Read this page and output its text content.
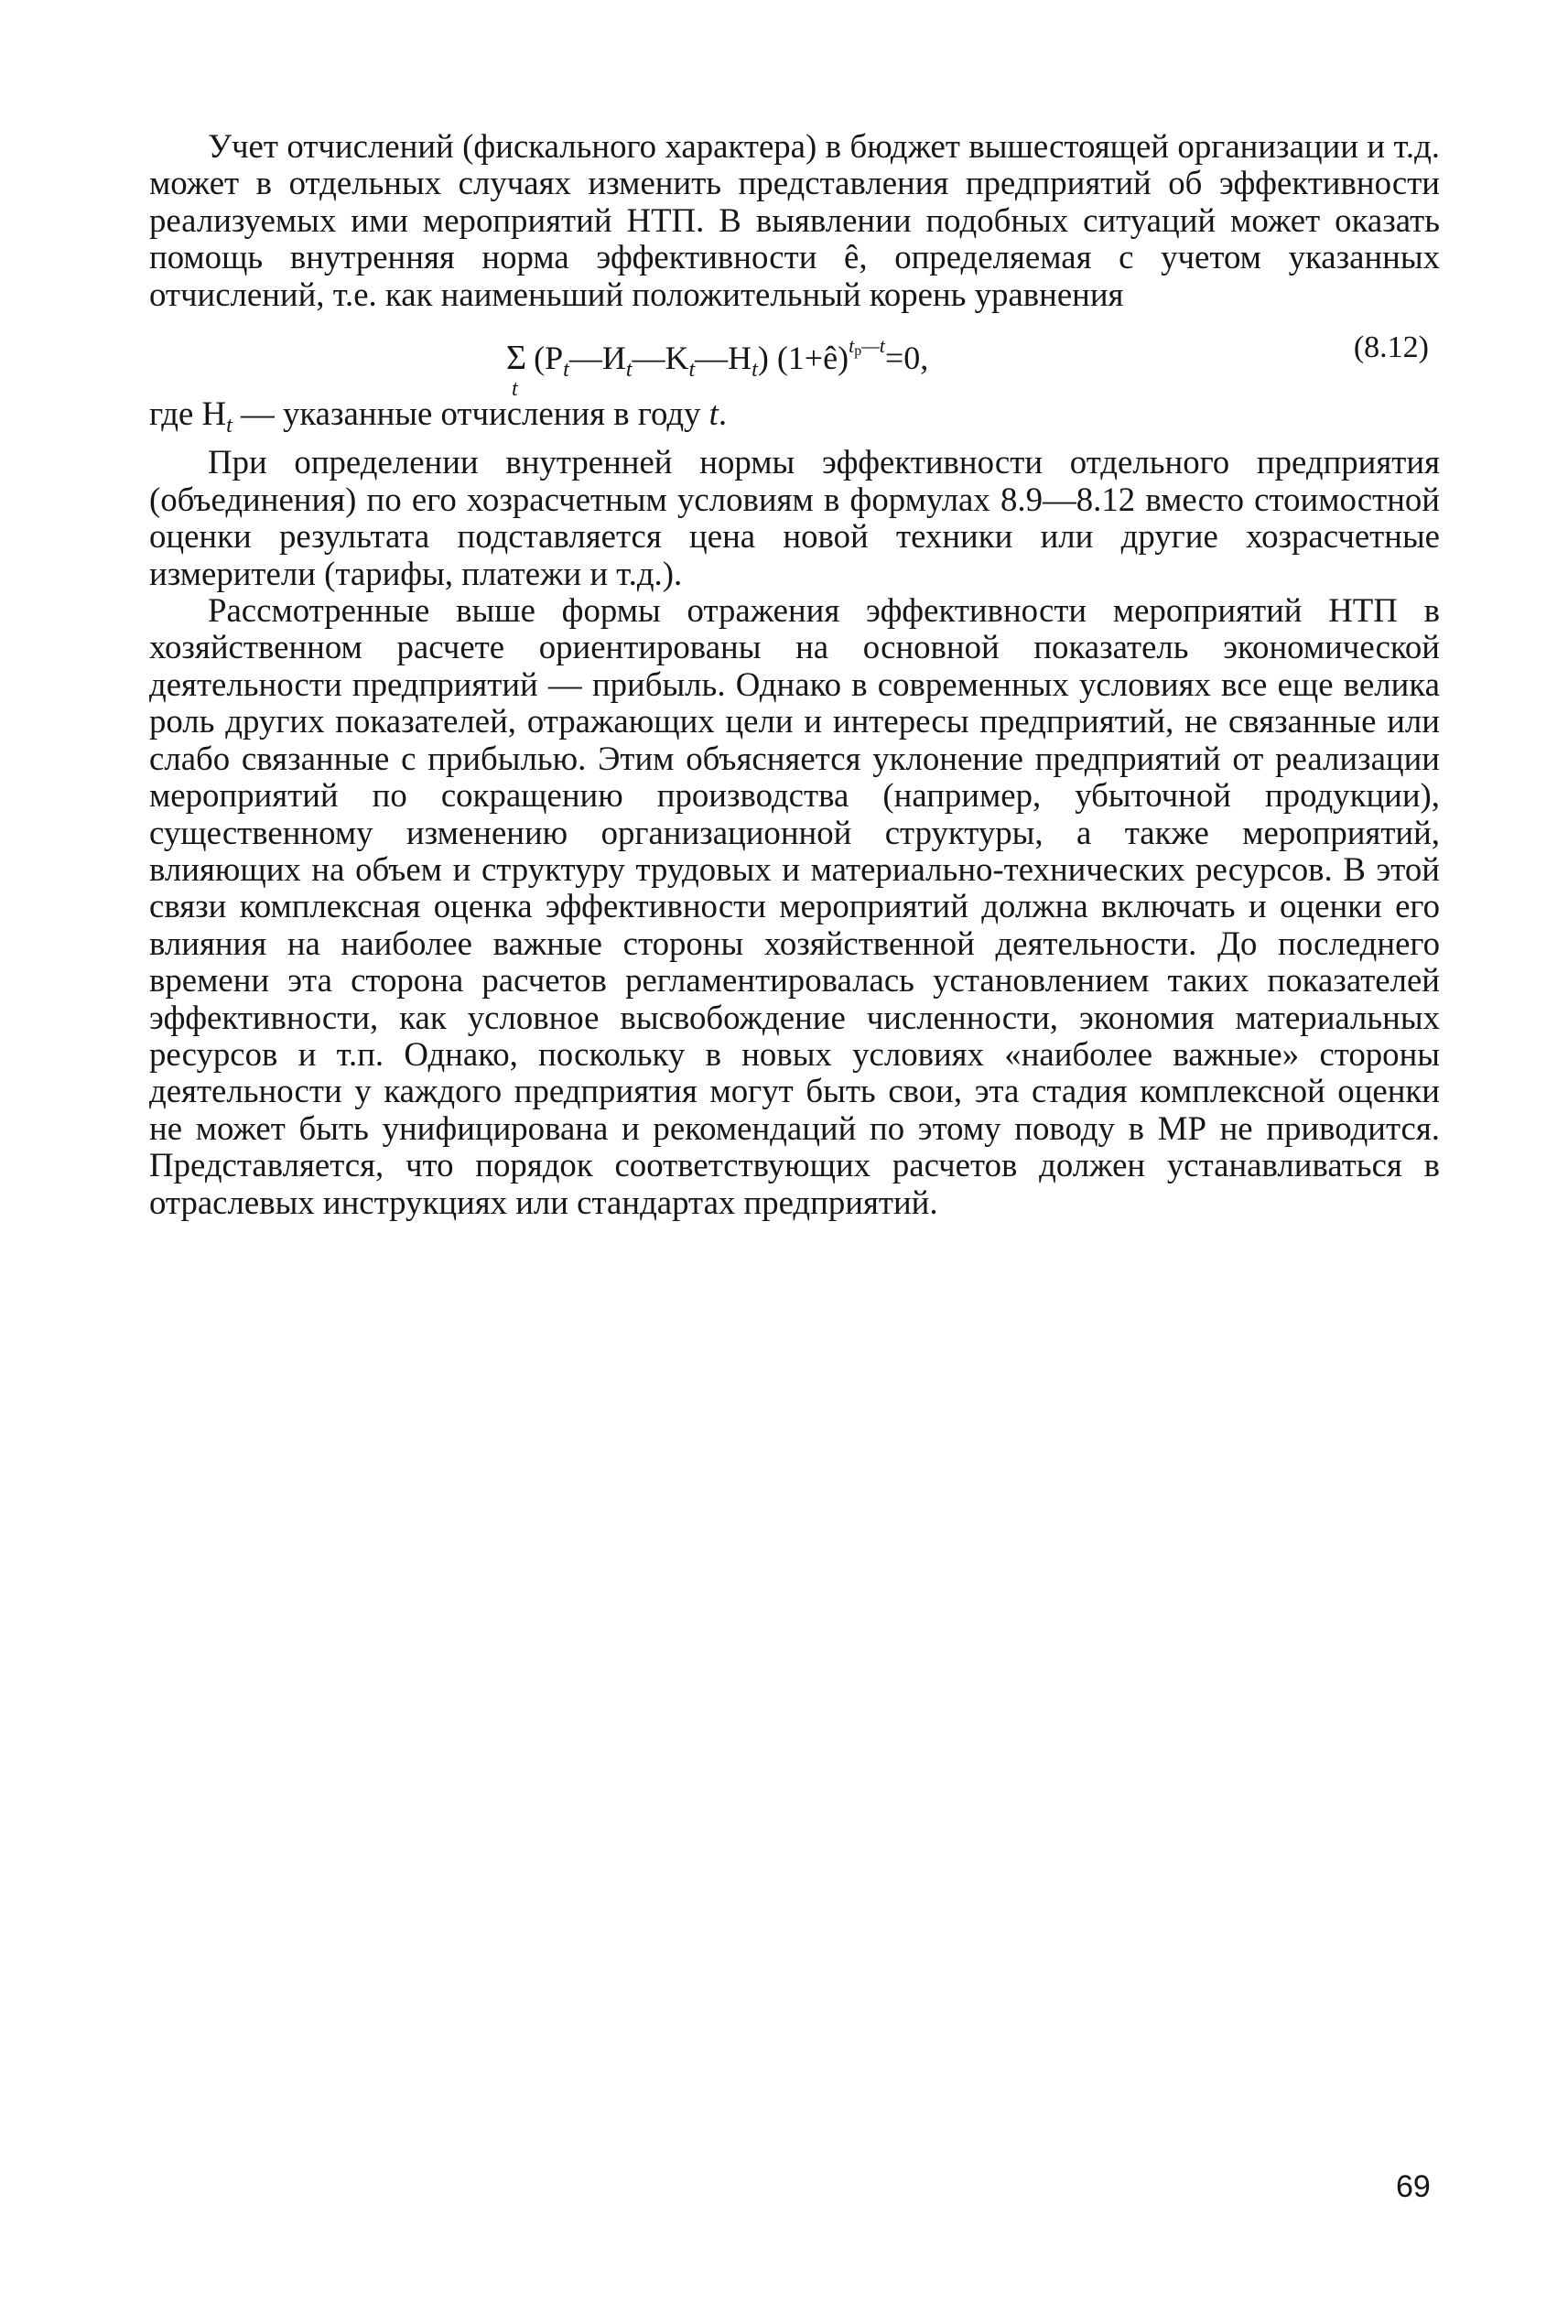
Учет отчислений (фискального характера) в бюджет вышестоящей организации и т.д. может в отдельных случаях изменить представления предприятий об эффективности реализуемых ими мероприятий НТП. В выявлении подобных ситуаций может оказать помощь внутренняя норма эффективности ê, определяемая с учетом указанных отчислений, т.е. как наименьший положительный корень уравнения

Σ
t
$(P_t—И_t—K_t—H_t)$ (1+ê)$^{t_р—t}$=0,	(8.12)

где $H_t$ — указанные отчисления в году t.

При определении внутренней нормы эффективности отдельного предприятия (объединения) по его хозрасчетным условиям в формулах 8.9—8.12 вместо стоимостной оценки результата подставляется цена новой техники или другие хозрасчетные измерители (тарифы, платежи и т.д.).

Рассмотренные выше формы отражения эффективности мероприятий НТП в хозяйственном расчете ориентированы на основной показатель экономической деятельности предприятий — прибыль. Однако в современных условиях все еще велика роль других показателей, отражающих цели и интересы предприятий, не связанные или слабо связанные с прибылью. Этим объясняется уклонение предприятий от реализации мероприятий по сокращению производства (например, убыточной продукции), существенному изменению организационной структуры, а также мероприятий, влияющих на объем и структуру трудовых и материально-технических ресурсов. В этой связи комплексная оценка эффективности мероприятий должна включать и оценки его влияния на наиболее важные стороны хозяйственной деятельности. До последнего времени эта сторона расчетов регламентировалась установлением таких показателей эффективности, как условное высвобождение численности, экономия материальных ресурсов и т.п. Однако, поскольку в новых условиях «наиболее важные» стороны деятельности у каждого предприятия могут быть свои, эта стадия комплексной оценки не может быть унифицирована и рекомендаций по этому поводу в МР не приводится. Представляется, что порядок соответствующих расчетов должен устанавливаться в отраслевых инструкциях или стандартах предприятий.

69
